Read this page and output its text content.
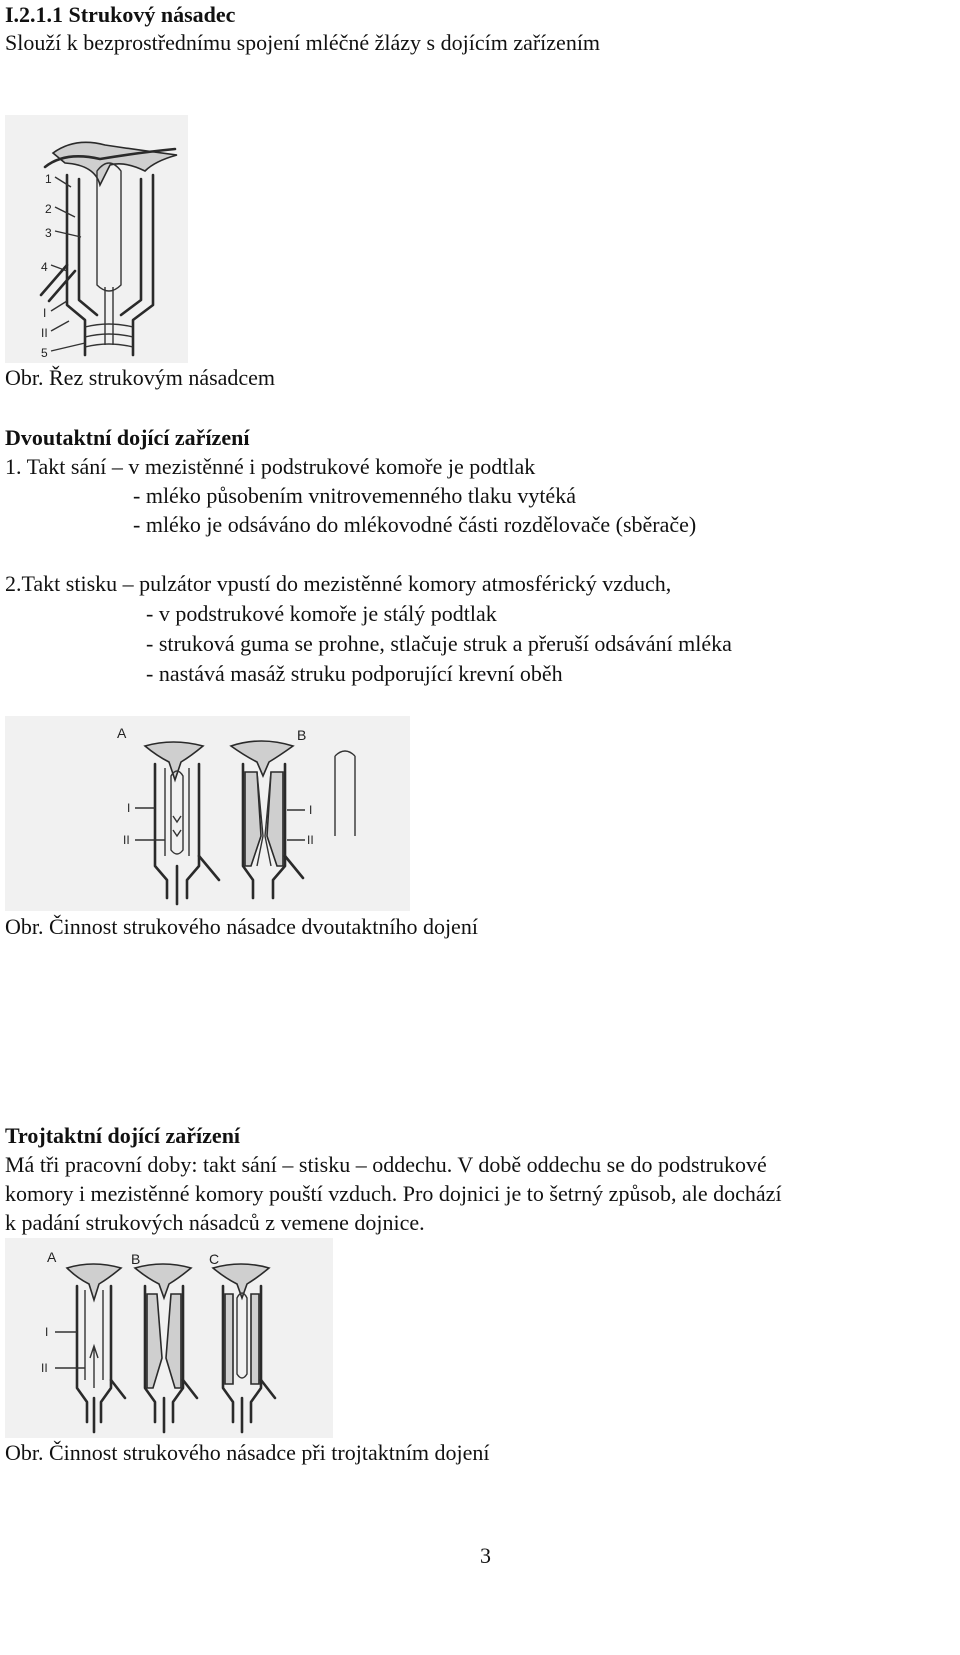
I.2.1.1 Strukový násadec
Slouží k bezprostřednímu spojení mléčné žlázy s dojícím zařízením
1
2
3
4
I
II
5
Obr. Řez strukovým násadcem
Dvoutaktní dojící zařízení
1. Takt sání – v mezistěnné i podstrukové komoře je podtlak
- mléko působením vnitrovemenného tlaku vytéká
- mléko je odsáváno do mlékovodné části rozdělovače (sběrače)
2.Takt stisku – pulzátor vpustí do mezistěnné komory atmosférický vzduch,
- v podstrukové komoře je stálý podtlak
- struková guma se prohne, stlačuje struk a přeruší odsávání mléka
- nastává masáž struku podporující krevní oběh
A	B
I
II
I
II
Obr. Činnost strukového násadce dvoutaktního dojení
Trojtaktní dojící zařízení
Má tři pracovní doby: takt sání – stisku – oddechu. V době oddechu se do podstrukové
komory i mezistěnné komory pouští vzduch. Pro dojnici je to šetrný způsob, ale dochází
k padání strukových násadců z vemene dojnice.
A	B	C
I
II
Obr. Činnost strukového násadce při trojtaktním dojení
3
